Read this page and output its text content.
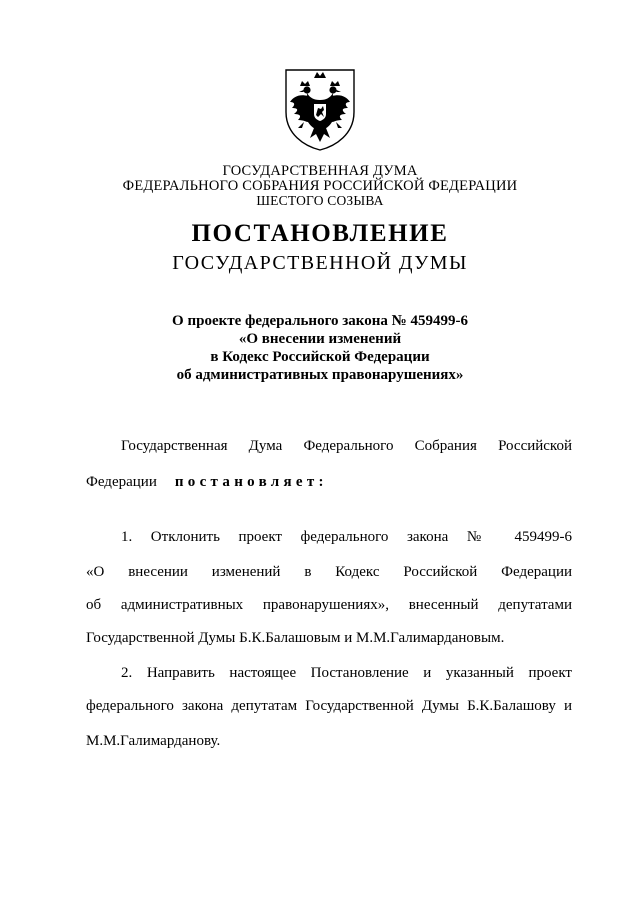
ГОСУДАРСТВЕННАЯ ДУМА
ФЕДЕРАЛЬНОГО СОБРАНИЯ РОССИЙСКОЙ ФЕДЕРАЦИИ
ШЕСТОГО СОЗЫВА
ПОСТАНОВЛЕНИЕ
ГОСУДАРСТВЕННОЙ ДУМЫ
О проекте федерального закона № 459499-6
«О внесении изменений
в Кодекс Российской Федерации
об административных правонарушениях»
Государственная Дума Федерального Собрания Российской
Федерации постановляет:
1. Отклонить проект федерального закона № 459499-6
«О внесении изменений в Кодекс Российской Федерации
об административных правонарушениях», внесенный депутатами
Государственной Думы Б.К.Балашовым и М.М.Галимардановым.
2. Направить настоящее Постановление и указанный проект
федерального закона депутатам Государственной Думы Б.К.Балашову и
М.М.Галимарданову.
